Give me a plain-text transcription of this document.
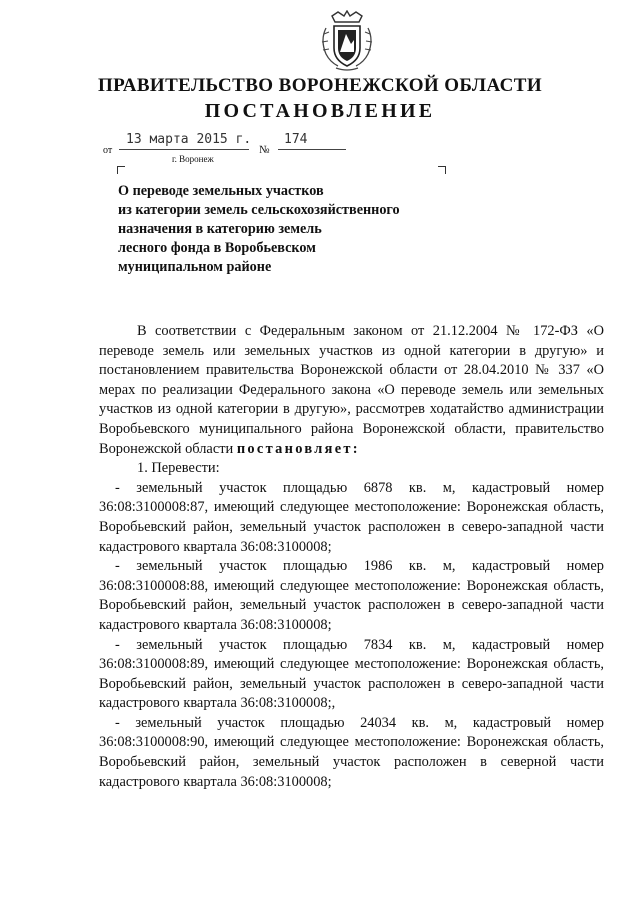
ПРАВИТЕЛЬСТВО ВОРОНЕЖСКОЙ ОБЛАСТИ
ПОСТАНОВЛЕНИЕ
от
13 марта 2015 г.
№
174
г. Воронеж
О переводе земельных участков
из категории земель сельскохозяйственного
назначения в категорию земель
лесного фонда в Воробьевском
муниципальном районе

В соответствии с Федеральным законом от 21.12.2004 № 172-ФЗ «О переводе земель или земельных участков из одной категории в другую» и постановлением правительства Воронежской области от 28.04.2010 № 337 «О мерах по реализации Федерального закона «О переводе земель или земельных участков из одной категории в другую», рассмотрев ходатайство администрации Воробьевского муниципального района Воронежской области, правительство Воронежской области постановляет:

1. Перевести:

- земельный участок площадью 6878 кв. м, кадастровый номер 36:08:3100008:87, имеющий следующее местоположение: Воронежская область, Воробьевский район, земельный участок расположен в северо-западной части кадастрового квартала 36:08:3100008;

- земельный участок площадью 1986 кв. м, кадастровый номер 36:08:3100008:88, имеющий следующее местоположение: Воронежская область, Воробьевский район, земельный участок расположен в северо-западной части кадастрового квартала 36:08:3100008;

- земельный участок площадью 7834 кв. м, кадастровый номер 36:08:3100008:89, имеющий следующее местоположение: Воронежская область, Воробьевский район, земельный участок расположен в северо-западной части кадастрового квартала 36:08:3100008;,

- земельный участок площадью 24034 кв. м, кадастровый номер 36:08:3100008:90, имеющий следующее местоположение: Воронежская область, Воробьевский район, земельный участок расположен в северной части кадастрового квартала 36:08:3100008;
